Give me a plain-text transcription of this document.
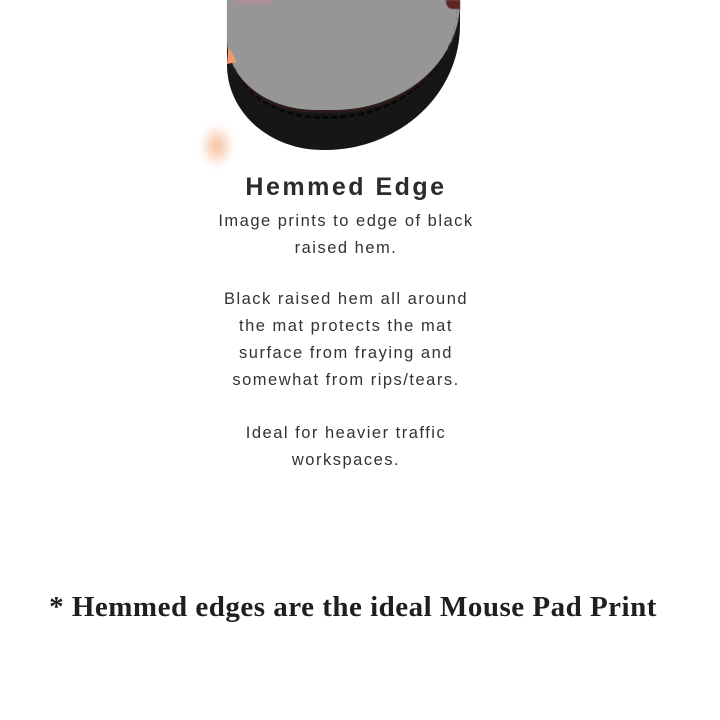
Hemmed Edge
Image prints to edge of black
raised hem.
Black raised hem all around
the mat protects the mat
surface from fraying and
somewhat from rips/tears.
Ideal for heavier traffic
workspaces.
* Hemmed edges are the ideal Mouse Pad Print
